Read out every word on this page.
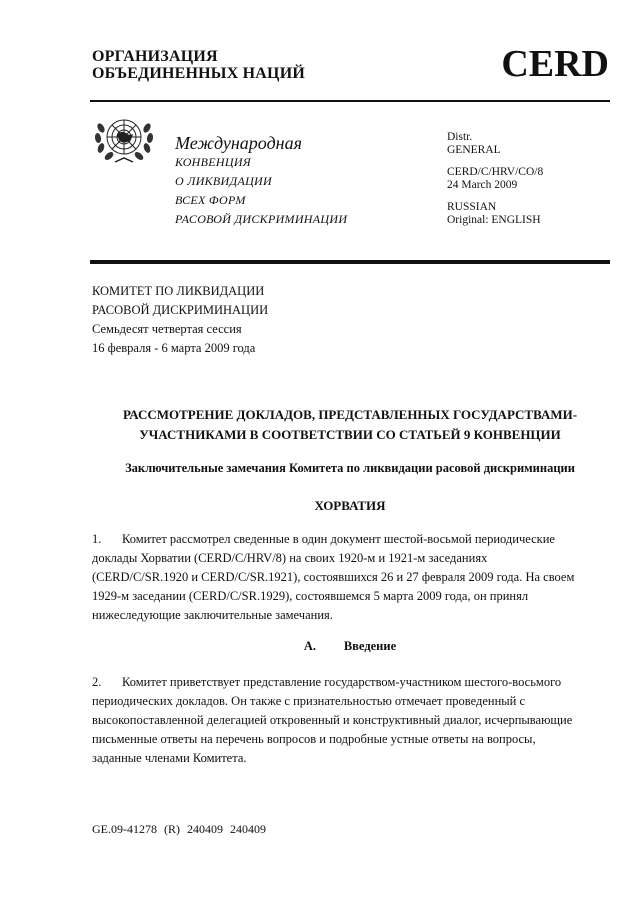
ОРГАНИЗАЦИЯ
ОБЪЕДИНЕННЫХ НАЦИЙ	CERD
Международная
КОНВЕНЦИЯ
О ЛИКВИДАЦИИ
ВСЕХ ФОРМ
РАСОВОЙ ДИСКРИМИНАЦИИ
Distr.
GENERAL
CERD/C/HRV/CO/8
24 March 2009
RUSSIAN
Original: ENGLISH
КОМИТЕТ ПО ЛИКВИДАЦИИ
РАСОВОЙ ДИСКРИМИНАЦИИ
Семьдесят четвертая сессия
16 февраля - 6 марта 2009 года
РАССМОТРЕНИЕ ДОКЛАДОВ, ПРЕДСТАВЛЕННЫХ ГОСУДАРСТВАМИ-
УЧАСТНИКАМИ В СООТВЕТСТВИИ СО СТАТЬЕЙ 9 КОНВЕНЦИИ
Заключительные замечания Комитета по ликвидации расовой дискриминации
ХОРВАТИЯ
1. Комитет рассмотрел сведенные в один документ шестой-восьмой периодические
доклады Хорватии (CERD/C/HRV/8) на своих 1920-м и 1921-м заседаниях
(CERD/C/SR.1920 и CERD/C/SR.1921), состоявшихся 26 и 27 февраля 2009 года. На своем
1929-м заседании (CERD/C/SR.1929), состоявшемся 5 марта 2009 года, он принял
нижеследующие заключительные замечания.
A. Введение
2. Комитет приветствует представление государством-участником шестого-восьмого
периодических докладов. Он также с признательностью отмечает проведенный с
высокопоставленной делегацией откровенный и конструктивный диалог, исчерпывающие
письменные ответы на перечень вопросов и подробные устные ответы на вопросы,
заданные членами Комитета.
GE.09-41278 (R) 240409 240409
